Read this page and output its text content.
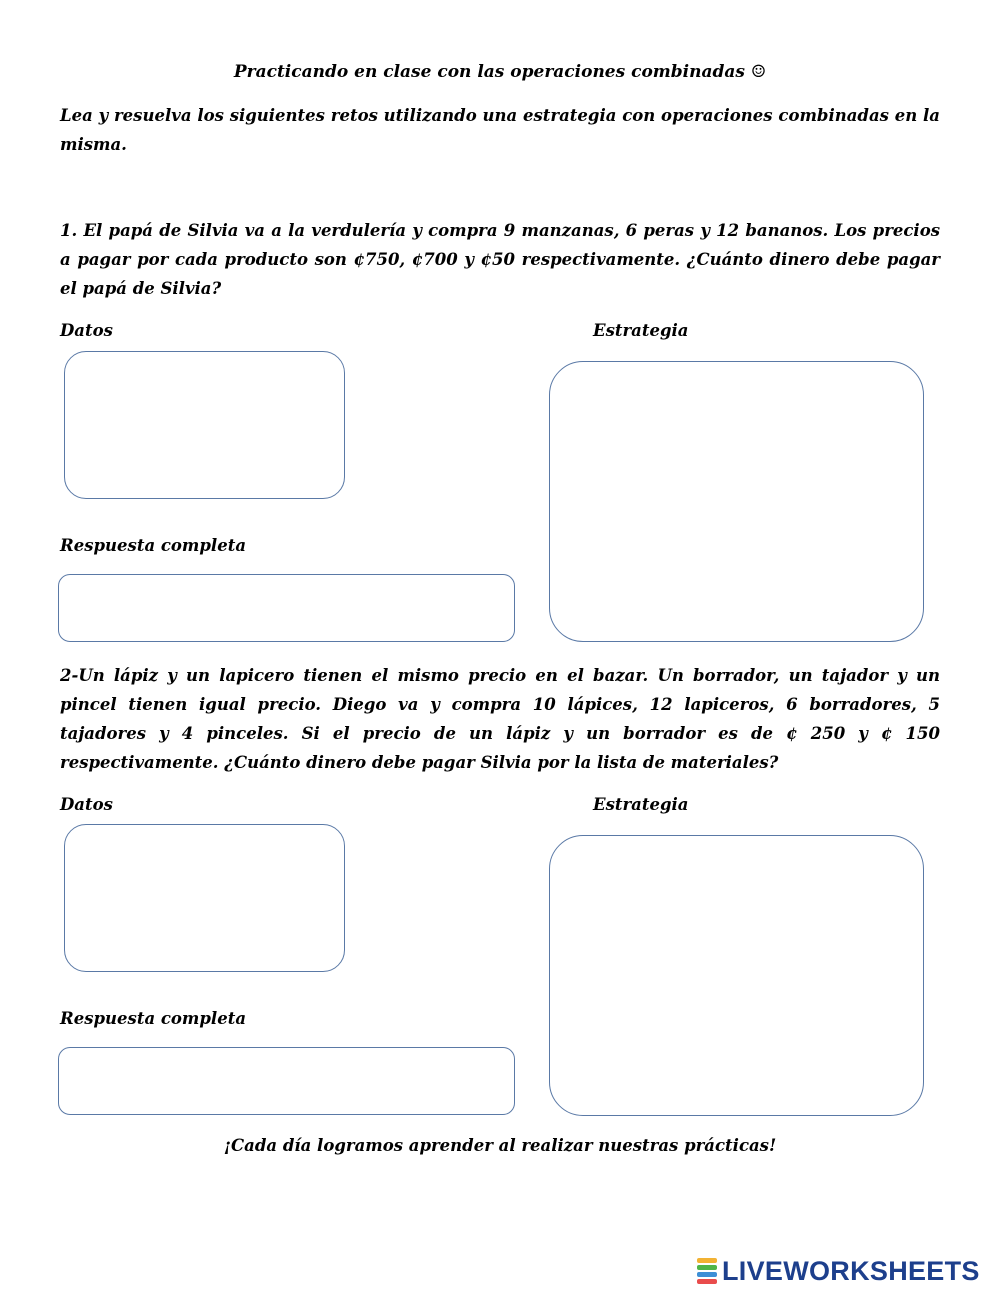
Practicando en clase con las operaciones combinadas ☺
Lea y resuelva los siguientes retos utilizando una estrategia con operaciones combinadas en la misma.
1. El papá de Silvia va a la verdulería y compra 9 manzanas, 6 peras y 12 bananos. Los precios a pagar por cada producto son ¢750, ¢700 y ¢50 respectivamente. ¿Cuánto dinero debe pagar el papá de Silvia?
Datos	Estrategia
Respuesta completa
2-Un lápiz y un lapicero tienen el mismo precio en el bazar. Un borrador, un tajador y un pincel tienen igual precio. Diego va y compra 10 lápices, 12 lapiceros, 6 borradores, 5 tajadores y 4 pinceles. Si el precio de un lápiz y un borrador es de ¢ 250 y ¢ 150 respectivamente. ¿Cuánto dinero debe pagar Silvia por la lista de materiales?
Datos	Estrategia
Respuesta completa
¡Cada día logramos aprender al realizar nuestras prácticas!
LIVEWORKSHEETS
